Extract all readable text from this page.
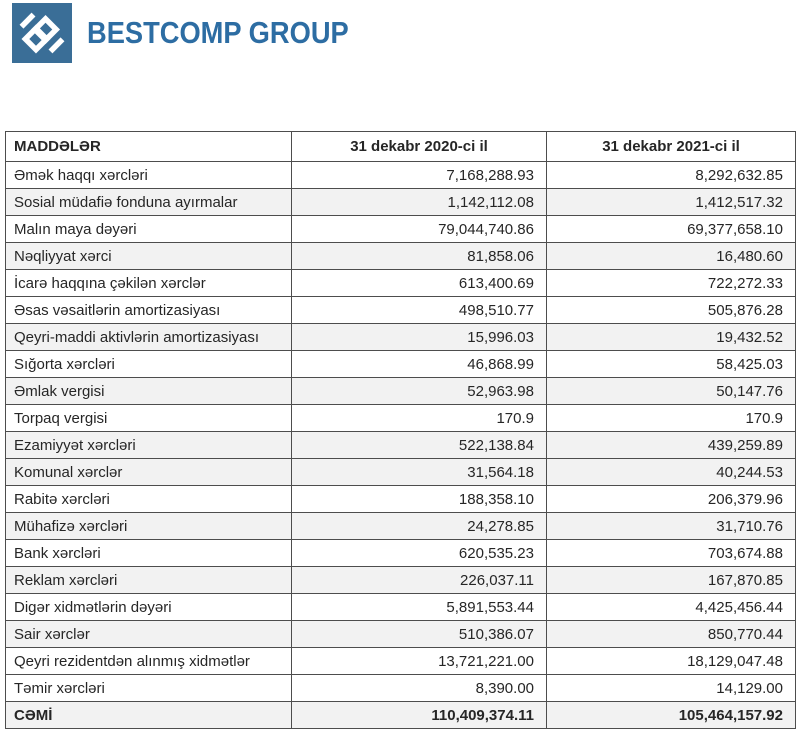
BESTCOMP GROUP
MADDƏLƏR	31 dekabr 2020-ci il	31 dekabr 2021-ci il
Əmək haqqı xərcləri	7,168,288.93	8,292,632.85
Sosial müdafiə fonduna ayırmalar	1,142,112.08	1,412,517.32
Malın maya dəyəri	79,044,740.86	69,377,658.10
Nəqliyyat xərci	81,858.06	16,480.60
İcarə haqqına çəkilən xərclər	613,400.69	722,272.33
Əsas vəsaitlərin amortizasiyası	498,510.77	505,876.28
Qeyri-maddi aktivlərin amortizasiyası	15,996.03	19,432.52
Sığorta xərcləri	46,868.99	58,425.03
Əmlak vergisi	52,963.98	50,147.76
Torpaq vergisi	170.9	170.9
Ezamiyyət xərcləri	522,138.84	439,259.89
Komunal xərclər	31,564.18	40,244.53
Rabitə xərcləri	188,358.10	206,379.96
Mühafizə xərcləri	24,278.85	31,710.76
Bank xərcləri	620,535.23	703,674.88
Reklam xərcləri	226,037.11	167,870.85
Digər xidmətlərin dəyəri	5,891,553.44	4,425,456.44
Sair xərclər	510,386.07	850,770.44
Qeyri rezidentdən alınmış xidmətlər	13,721,221.00	18,129,047.48
Təmir xərcləri	8,390.00	14,129.00
CƏMİ	110,409,374.11	105,464,157.92
